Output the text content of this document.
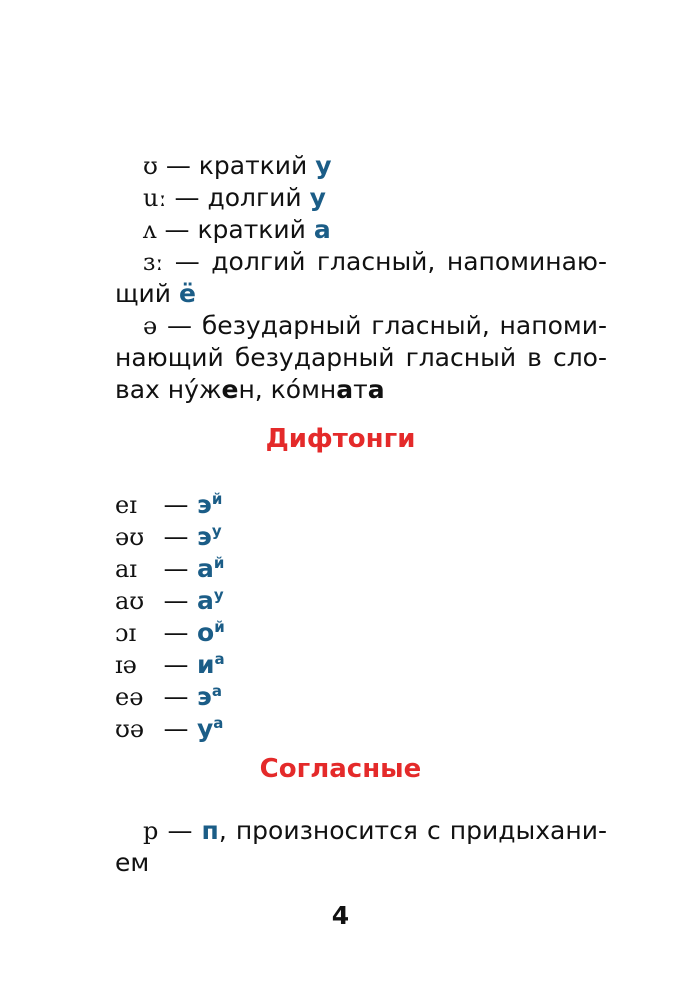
ʊ — краткий у
uː — долгий у
ʌ — краткий а
ɜː — долгий гласный, напоминаю-
щий ё
ə — безударный гласный, напоми-
нающий безударный гласный в сло-
вах ну́жен, ко́мната
Дифтонги
eɪ — $э^й$
əʊ — $э^у$
aɪ — $а^й$
aʊ — $а^у$
ɔɪ — $о^й$
ɪə — $и^а$
eə — $э^а$
ʊə — $у^а$
Согласные
p — п, произносится с придыхани-
ем
4
